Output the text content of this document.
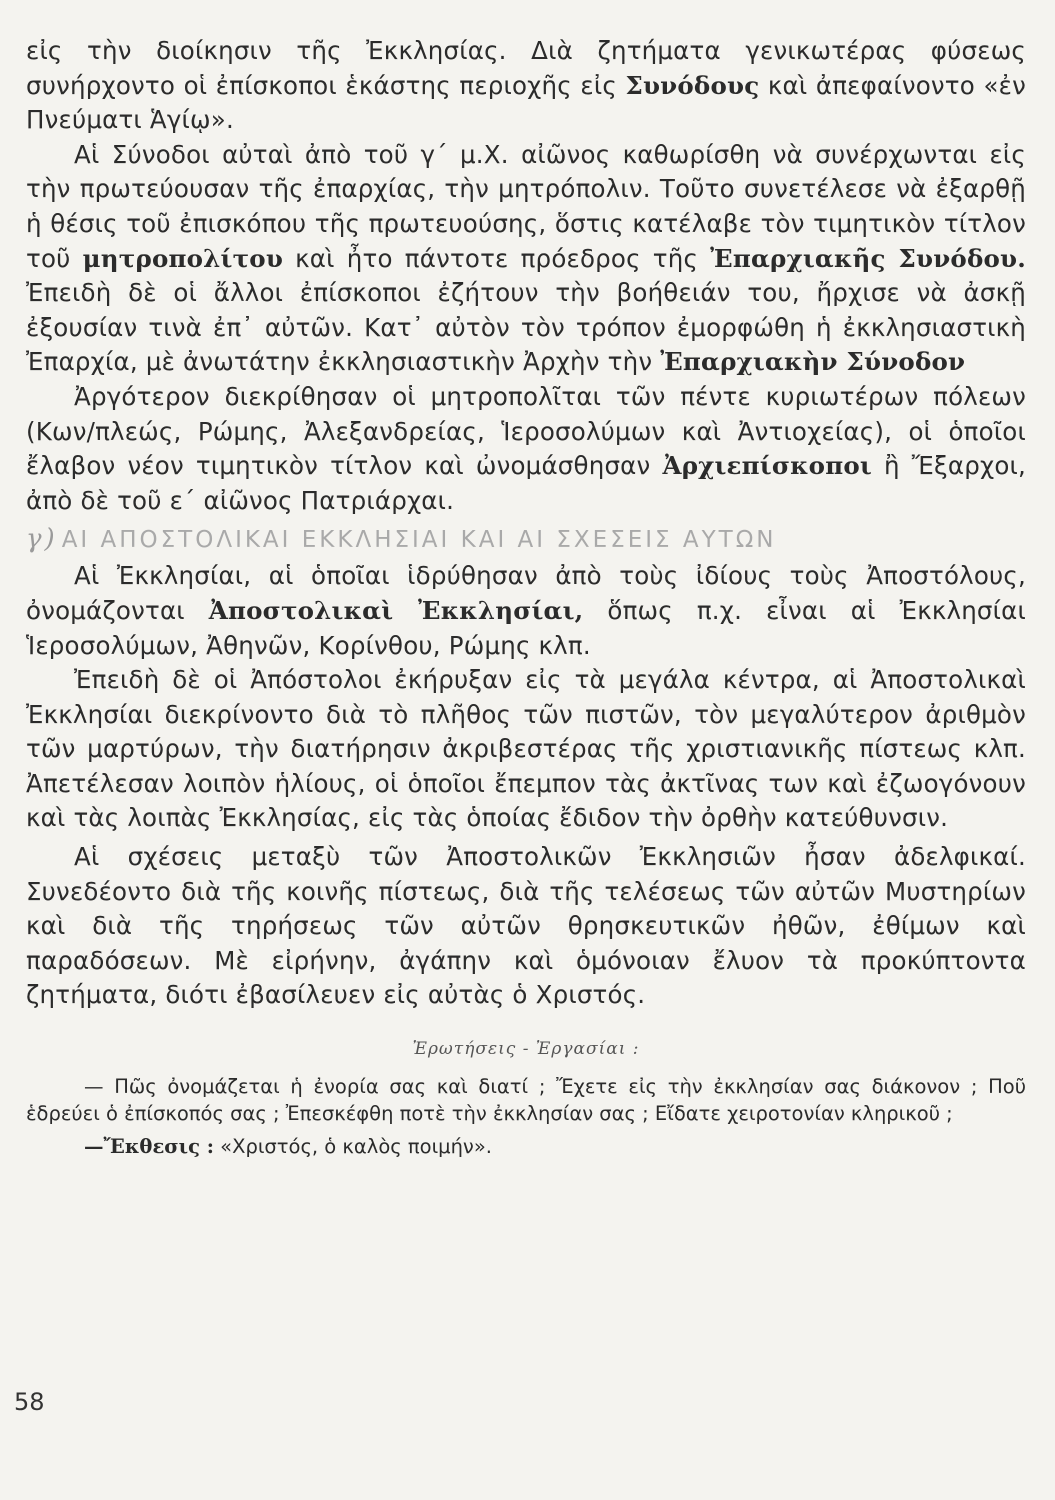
εἰς τὴν διοίκησιν τῆς Ἐκκλησίας. Διὰ ζητήματα γενικωτέρας φύσεως συνήρχοντο οἱ ἐπίσκοποι ἑκάστης περιοχῆς εἰς Συνόδους καὶ ἀπεφαίνοντο «ἐν Πνεύματι Ἁγίῳ».

Αἱ Σύνοδοι αὐταὶ ἀπὸ τοῦ γ΄ μ.Χ. αἰῶνος καθωρίσθη νὰ συνέρχωνται εἰς τὴν πρωτεύουσαν τῆς ἐπαρχίας, τὴν μητρόπολιν. Τοῦτο συνετέλεσε νὰ ἐξαρθῇ ἡ θέσις τοῦ ἐπισκόπου τῆς πρωτευούσης, ὅστις κατέλαβε τὸν τιμητικὸν τίτλον τοῦ μητροπολίτου καὶ ἦτο πάντοτε πρόεδρος τῆς Ἐπαρχιακῆς Συνόδου. Ἐπειδὴ δὲ οἱ ἄλλοι ἐπίσκοποι ἐζήτουν τὴν βοήθειάν του, ἤρχισε νὰ ἀσκῇ ἐξουσίαν τινὰ ἐπ᾽ αὐτῶν. Κατ᾽ αὐτὸν τὸν τρόπον ἐμορφώθη ἡ ἐκκλησιαστικὴ Ἐπαρχία, μὲ ἀνωτάτην ἐκκλησιαστικὴν Ἀρχὴν τὴν Ἐπαρχιακὴν Σύνοδον

Ἀργότερον διεκρίθησαν οἱ μητροπολῖται τῶν πέντε κυριωτέρων πόλεων (Κων/πλεώς, Ρώμης, Ἀλεξανδρείας, Ἱεροσολύμων καὶ Ἀντιοχείας), οἱ ὁποῖοι ἔλαβον νέον τιμητικὸν τίτλον καὶ ὠνομάσθησαν Ἀρχιεπίσκοποι ἢ Ἔξαρχοι, ἀπὸ δὲ τοῦ ε΄ αἰῶνος Πατριάρχαι.

γ) ΑΙ ΑΠΟΣΤΟΛΙΚΑΙ ΕΚΚΛΗΣΙΑΙ ΚΑΙ ΑΙ ΣΧΕΣΕΙΣ ΑΥΤΩΝ

Αἱ Ἐκκλησίαι, αἱ ὁποῖαι ἱδρύθησαν ἀπὸ τοὺς ἰδίους τοὺς Ἀποστόλους, ὀνομάζονται Ἀποστολικαὶ Ἐκκλησίαι, ὅπως π.χ. εἶναι αἱ Ἐκκλησίαι Ἱεροσολύμων, Ἀθηνῶν, Κορίνθου, Ρώμης κλπ.

Ἐπειδὴ δὲ οἱ Ἀπόστολοι ἐκήρυξαν εἰς τὰ μεγάλα κέντρα, αἱ Ἀποστολικαὶ Ἐκκλησίαι διεκρίνοντο διὰ τὸ πλῆθος τῶν πιστῶν, τὸν μεγαλύτερον ἀριθμὸν τῶν μαρτύρων, τὴν διατήρησιν ἀκριβεστέρας τῆς χριστιανικῆς πίστεως κλπ. Ἀπετέλεσαν λοιπὸν ἡλίους, οἱ ὁποῖοι ἔπεμπον τὰς ἀκτῖνας των καὶ ἐζωογόνουν καὶ τὰς λοιπὰς Ἐκκλησίας, εἰς τὰς ὁποίας ἔδιδον τὴν ὀρθὴν κατεύθυνσιν.

Αἱ σχέσεις μεταξὺ τῶν Ἀποστολικῶν Ἐκκλησιῶν ἦσαν ἀδελφικαί. Συνεδέοντο διὰ τῆς κοινῆς πίστεως, διὰ τῆς τελέσεως τῶν αὐτῶν Μυστηρίων καὶ διὰ τῆς τηρήσεως τῶν αὐτῶν θρησκευτικῶν ἠθῶν, ἐθίμων καὶ παραδόσεων. Μὲ εἰρήνην, ἀγάπην καὶ ὁμόνοιαν ἔλυον τὰ προκύπτοντα ζητήματα, διότι ἐβασίλευεν εἰς αὐτὰς ὁ Χριστός.

Ἐρωτήσεις - Ἐργασίαι :

— Πῶς ὀνομάζεται ἡ ἐνορία σας καὶ διατί ; Ἔχετε εἰς τὴν ἐκκλησίαν σας διάκονον ; Ποῦ ἑδρεύει ὁ ἐπίσκοπός σας ; Ἐπεσκέφθη ποτὲ τὴν ἐκκλησίαν σας ; Εἴδατε χειροτονίαν κληρικοῦ ;

—Ἔκθεσις : «Χριστός, ὁ καλὸς ποιμήν».

58
